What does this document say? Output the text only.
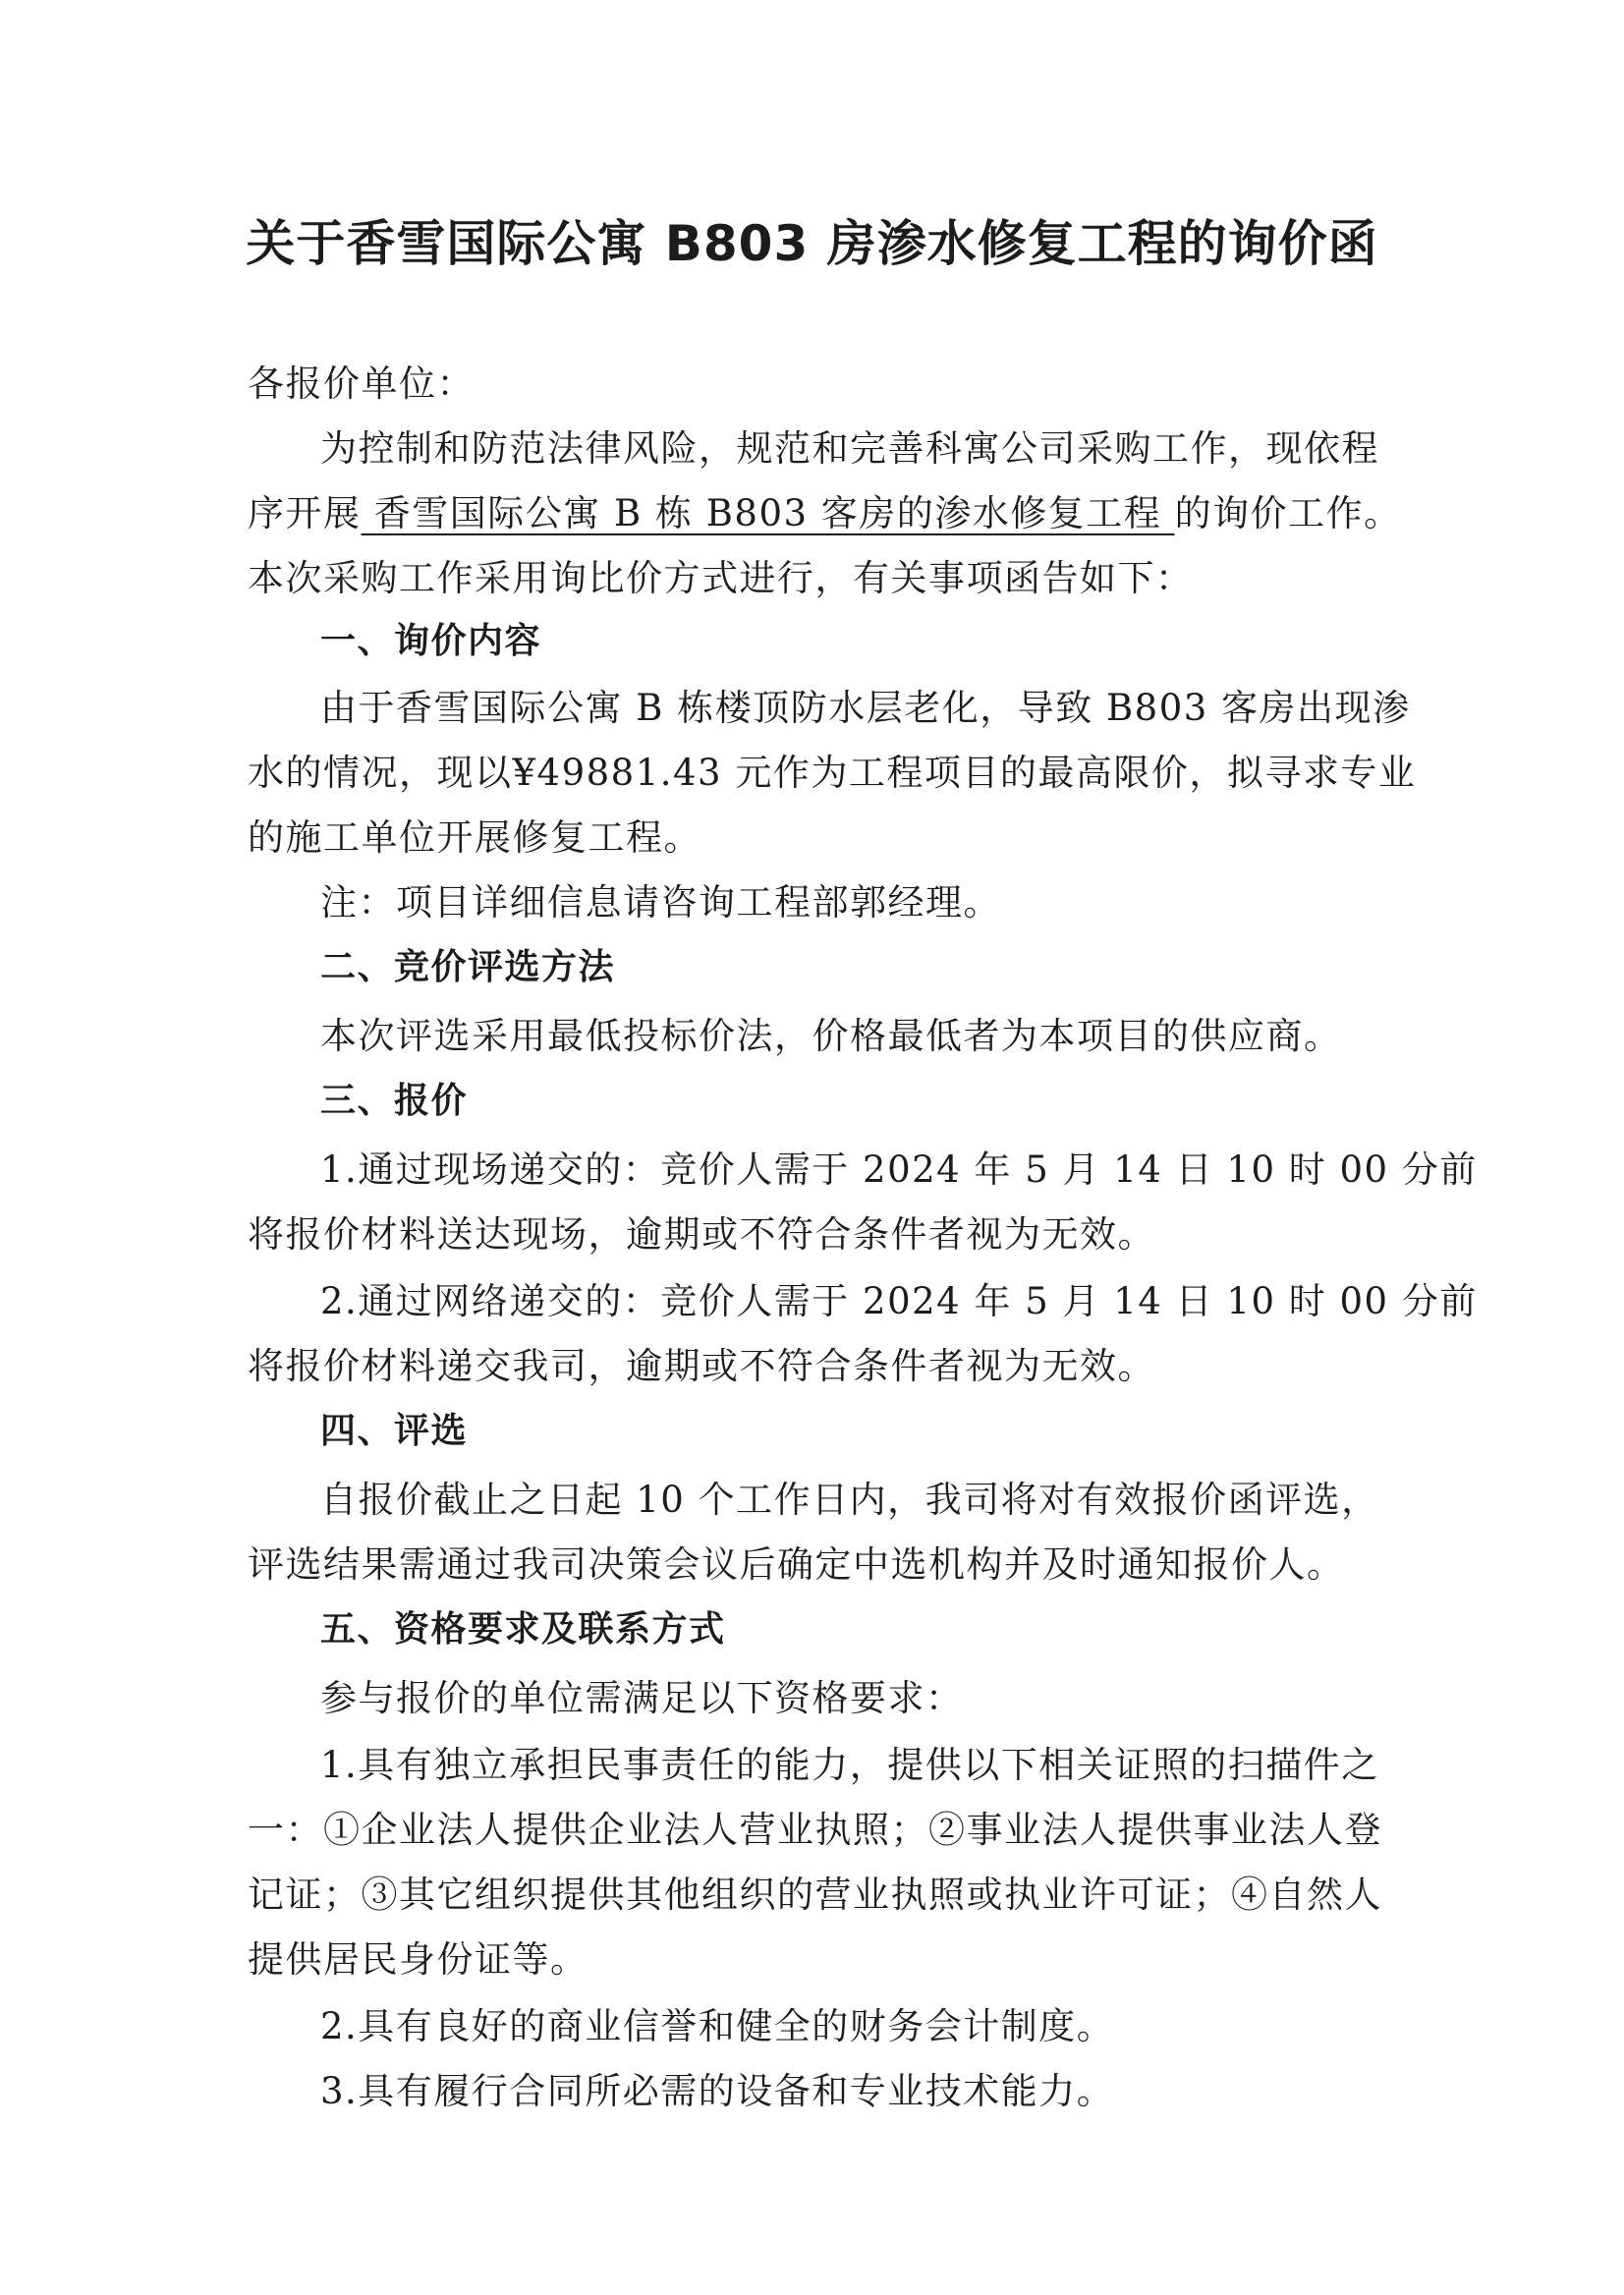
关于香雪国际公寓 B803 房渗水修复工程的询价函
各报价单位：
为控制和防范法律风险，规范和完善科寓公司采购工作，现依程
序开展 香雪国际公寓 B 栋 B803 客房的渗水修复工程 的询价工作。
本次采购工作采用询比价方式进行，有关事项函告如下：
一、询价内容
由于香雪国际公寓 B 栋楼顶防水层老化，导致 B803 客房出现渗
水的情况，现以¥49881.43 元作为工程项目的最高限价，拟寻求专业
的施工单位开展修复工程。
注：项目详细信息请咨询工程部郭经理。
二、竞价评选方法
本次评选采用最低投标价法，价格最低者为本项目的供应商。
三、报价
1.通过现场递交的：竞价人需于 2024 年 5 月 14 日 10 时 00 分前
将报价材料送达现场，逾期或不符合条件者视为无效。
2.通过网络递交的：竞价人需于 2024 年 5 月 14 日 10 时 00 分前
将报价材料递交我司，逾期或不符合条件者视为无效。
四、评选
自报价截止之日起 10 个工作日内，我司将对有效报价函评选，
评选结果需通过我司决策会议后确定中选机构并及时通知报价人。
五、资格要求及联系方式
参与报价的单位需满足以下资格要求：
1.具有独立承担民事责任的能力，提供以下相关证照的扫描件之
一：①企业法人提供企业法人营业执照；②事业法人提供事业法人登
记证；③其它组织提供其他组织的营业执照或执业许可证；④自然人
提供居民身份证等。
2.具有良好的商业信誉和健全的财务会计制度。
3.具有履行合同所必需的设备和专业技术能力。
